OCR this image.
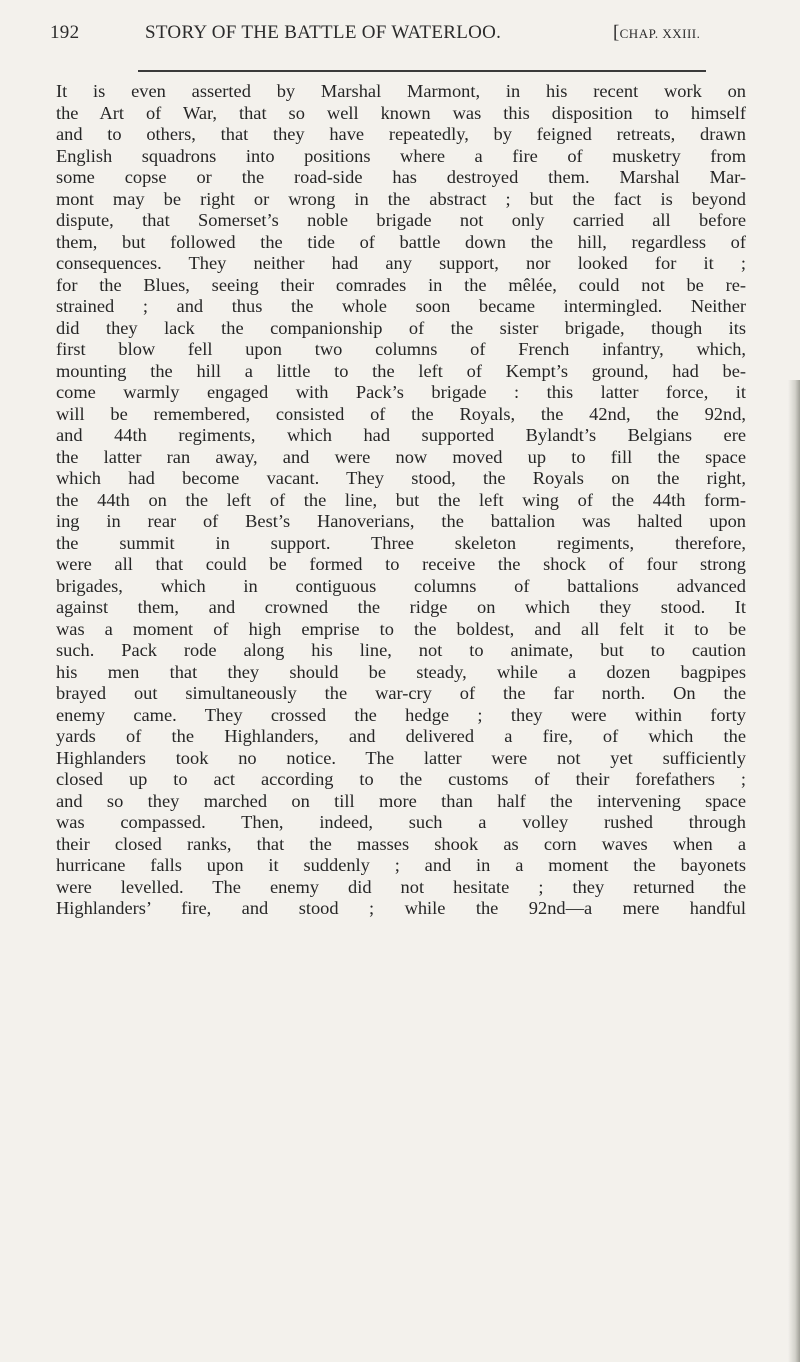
192	STORY OF THE BATTLE OF WATERLOO.	[CHAP. XXIII.
It is even asserted by Marshal Marmont, in his recent work on
the Art of War, that so well known was this disposition to himself
and to others, that they have repeatedly, by feigned retreats, drawn
English squadrons into positions where a fire of musketry from
some copse or the road-side has destroyed them. Marshal Mar-
mont may be right or wrong in the abstract ; but the fact is beyond
dispute, that Somerset’s noble brigade not only carried all before
them, but followed the tide of battle down the hill, regardless of
consequences. They neither had any support, nor looked for it ;
for the Blues, seeing their comrades in the mêlée, could not be re-
strained ; and thus the whole soon became intermingled. Neither
did they lack the companionship of the sister brigade, though its
first blow fell upon two columns of French infantry, which,
mounting the hill a little to the left of Kempt’s ground, had be-
come warmly engaged with Pack’s brigade : this latter force, it
will be remembered, consisted of the Royals, the 42nd, the 92nd,
and 44th regiments, which had supported Bylandt’s Belgians ere
the latter ran away, and were now moved up to fill the space
which had become vacant. They stood, the Royals on the right,
the 44th on the left of the line, but the left wing of the 44th form-
ing in rear of Best’s Hanoverians, the battalion was halted upon
the summit in support. Three skeleton regiments, therefore,
were all that could be formed to receive the shock of four strong
brigades, which in contiguous columns of battalions advanced
against them, and crowned the ridge on which they stood. It
was a moment of high emprise to the boldest, and all felt it to be
such. Pack rode along his line, not to animate, but to caution
his men that they should be steady, while a dozen bagpipes
brayed out simultaneously the war-cry of the far north. On the
enemy came. They crossed the hedge ; they were within forty
yards of the Highlanders, and delivered a fire, of which the
Highlanders took no notice. The latter were not yet sufficiently
closed up to act according to the customs of their forefathers ;
and so they marched on till more than half the intervening space
was compassed. Then, indeed, such a volley rushed through
their closed ranks, that the masses shook as corn waves when a
hurricane falls upon it suddenly ; and in a moment the bayonets
were levelled. The enemy did not hesitate ; they returned the
Highlanders’ fire, and stood ; while the 92nd—a mere handful
